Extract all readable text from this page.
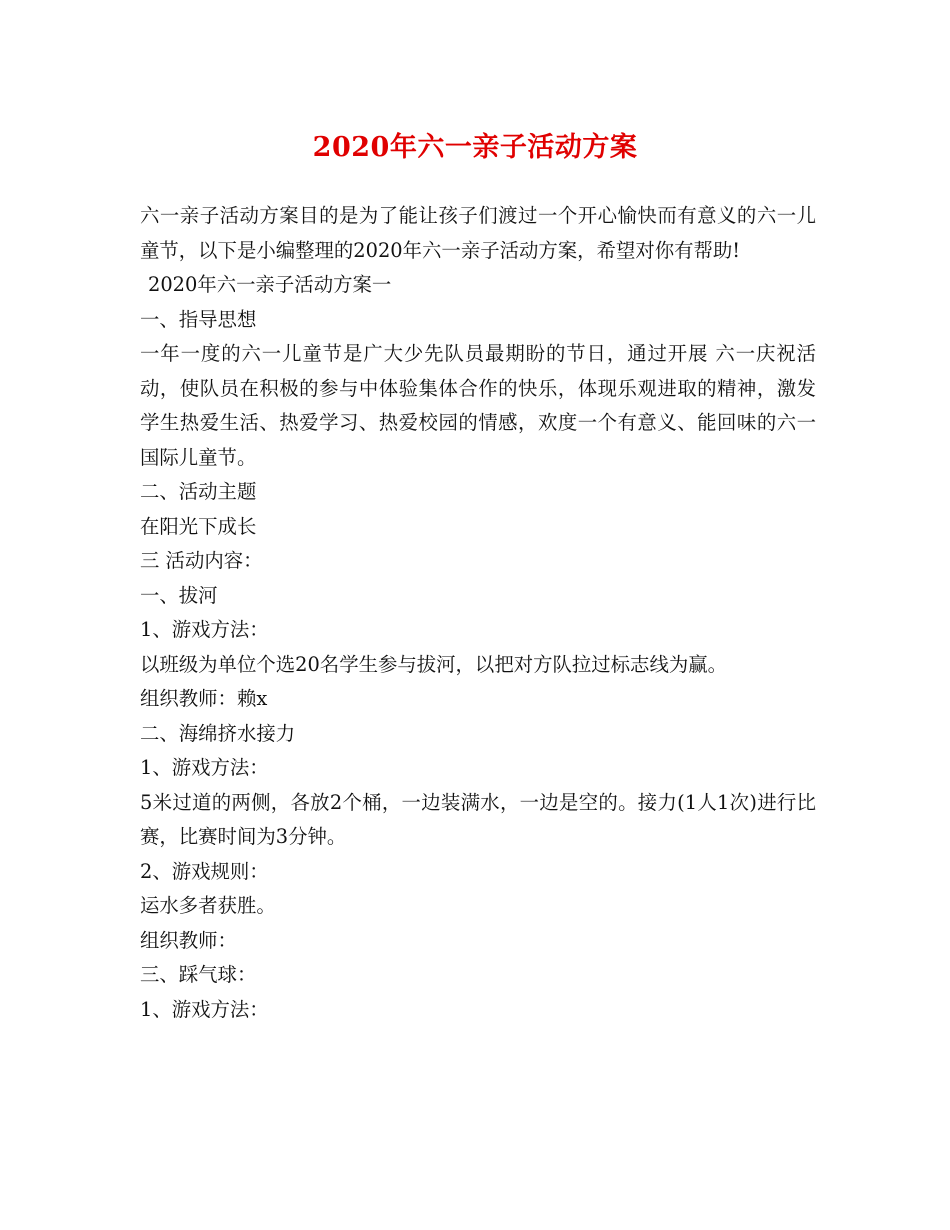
2020年六一亲子活动方案

六一亲子活动方案目的是为了能让孩子们渡过一个开心愉快而有意义的六一儿童节，以下是小编整理的2020年六一亲子活动方案，希望对你有帮助!

2020年六一亲子活动方案一

一、指导思想

一年一度的六一儿童节是广大少先队员最期盼的节日，通过开展 六一庆祝活动，使队员在积极的参与中体验集体合作的快乐，体现乐观进取的精神，激发学生热爱生活、热爱学习、热爱校园的情感，欢度一个有意义、能回味的六一国际儿童节。

二、活动主题

在阳光下成长

三 活动内容：

一、拔河

1、游戏方法：

以班级为单位个选20名学生参与拔河，以把对方队拉过标志线为赢。

组织教师：赖x

二、海绵挤水接力

1、游戏方法：

5米过道的两侧，各放2个桶，一边装满水，一边是空的。接力(1人1次)进行比赛，比赛时间为3分钟。

2、游戏规则：

运水多者获胜。

组织教师：

三、踩气球：

1、游戏方法：
